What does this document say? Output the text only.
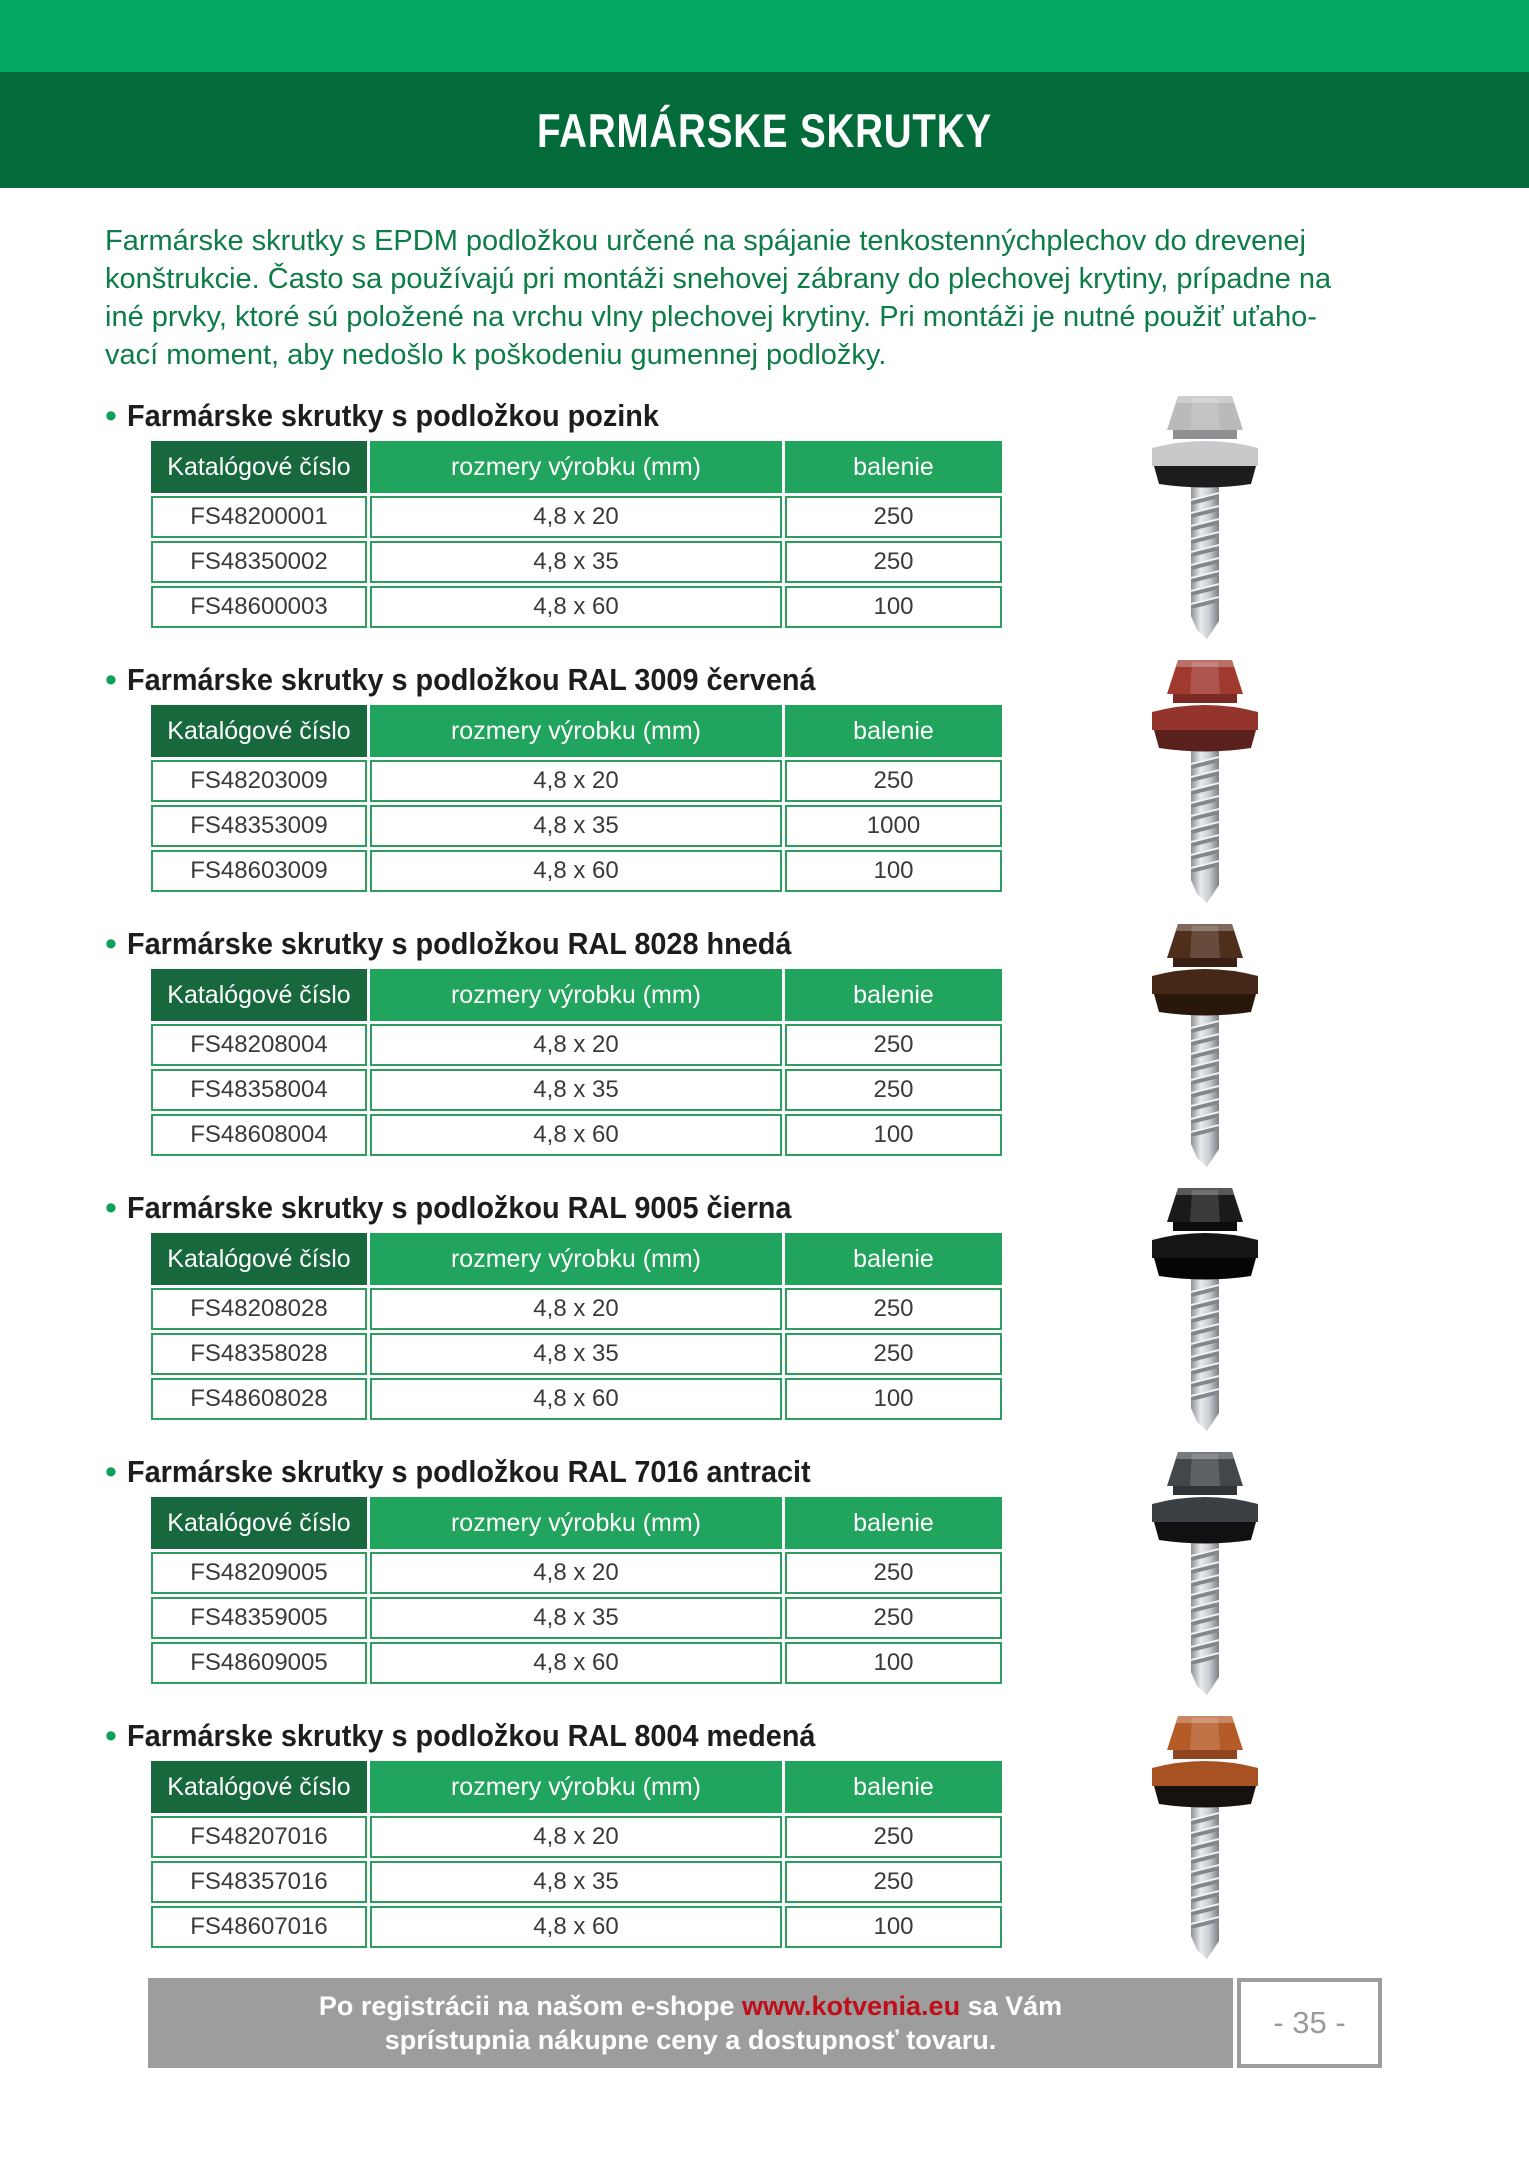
FARMÁRSKE SKRUTKY
Farmárske skrutky s EPDM podložkou určené na spájanie tenkostennýchplechov do drevenej
konštrukcie. Často sa používajú pri montáži snehovej zábrany do plechovej krytiny, prípadne na
iné prvky, ktoré sú položené na vrchu vlny plechovej krytiny. Pri montáži je nutné použiť uťaho-
vací moment, aby nedošlo k poškodeniu gumennej podložky.
• Farmárske skrutky s podložkou pozink
Katalógové číslo	rozmery výrobku (mm)	balenie
FS48200001	4,8 x 20	250
FS48350002	4,8 x 35	250
FS48600003	4,8 x 60	100
• Farmárske skrutky s podložkou RAL 3009 červená
Katalógové číslo	rozmery výrobku (mm)	balenie
FS48203009	4,8 x 20	250
FS48353009	4,8 x 35	1000
FS48603009	4,8 x 60	100
• Farmárske skrutky s podložkou RAL 8028 hnedá
Katalógové číslo	rozmery výrobku (mm)	balenie
FS48208004	4,8 x 20	250
FS48358004	4,8 x 35	250
FS48608004	4,8 x 60	100
• Farmárske skrutky s podložkou RAL 9005 čierna
Katalógové číslo	rozmery výrobku (mm)	balenie
FS48208028	4,8 x 20	250
FS48358028	4,8 x 35	250
FS48608028	4,8 x 60	100
• Farmárske skrutky s podložkou RAL 7016 antracit
Katalógové číslo	rozmery výrobku (mm)	balenie
FS48209005	4,8 x 20	250
FS48359005	4,8 x 35	250
FS48609005	4,8 x 60	100
• Farmárske skrutky s podložkou RAL 8004 medená
Katalógové číslo	rozmery výrobku (mm)	balenie
FS48207016	4,8 x 20	250
FS48357016	4,8 x 35	250
FS48607016	4,8 x 60	100
Po registrácii na našom e-shope www.kotvenia.eu sa Vám
sprístupnia nákupne ceny a dostupnosť tovaru.	- 35 -
